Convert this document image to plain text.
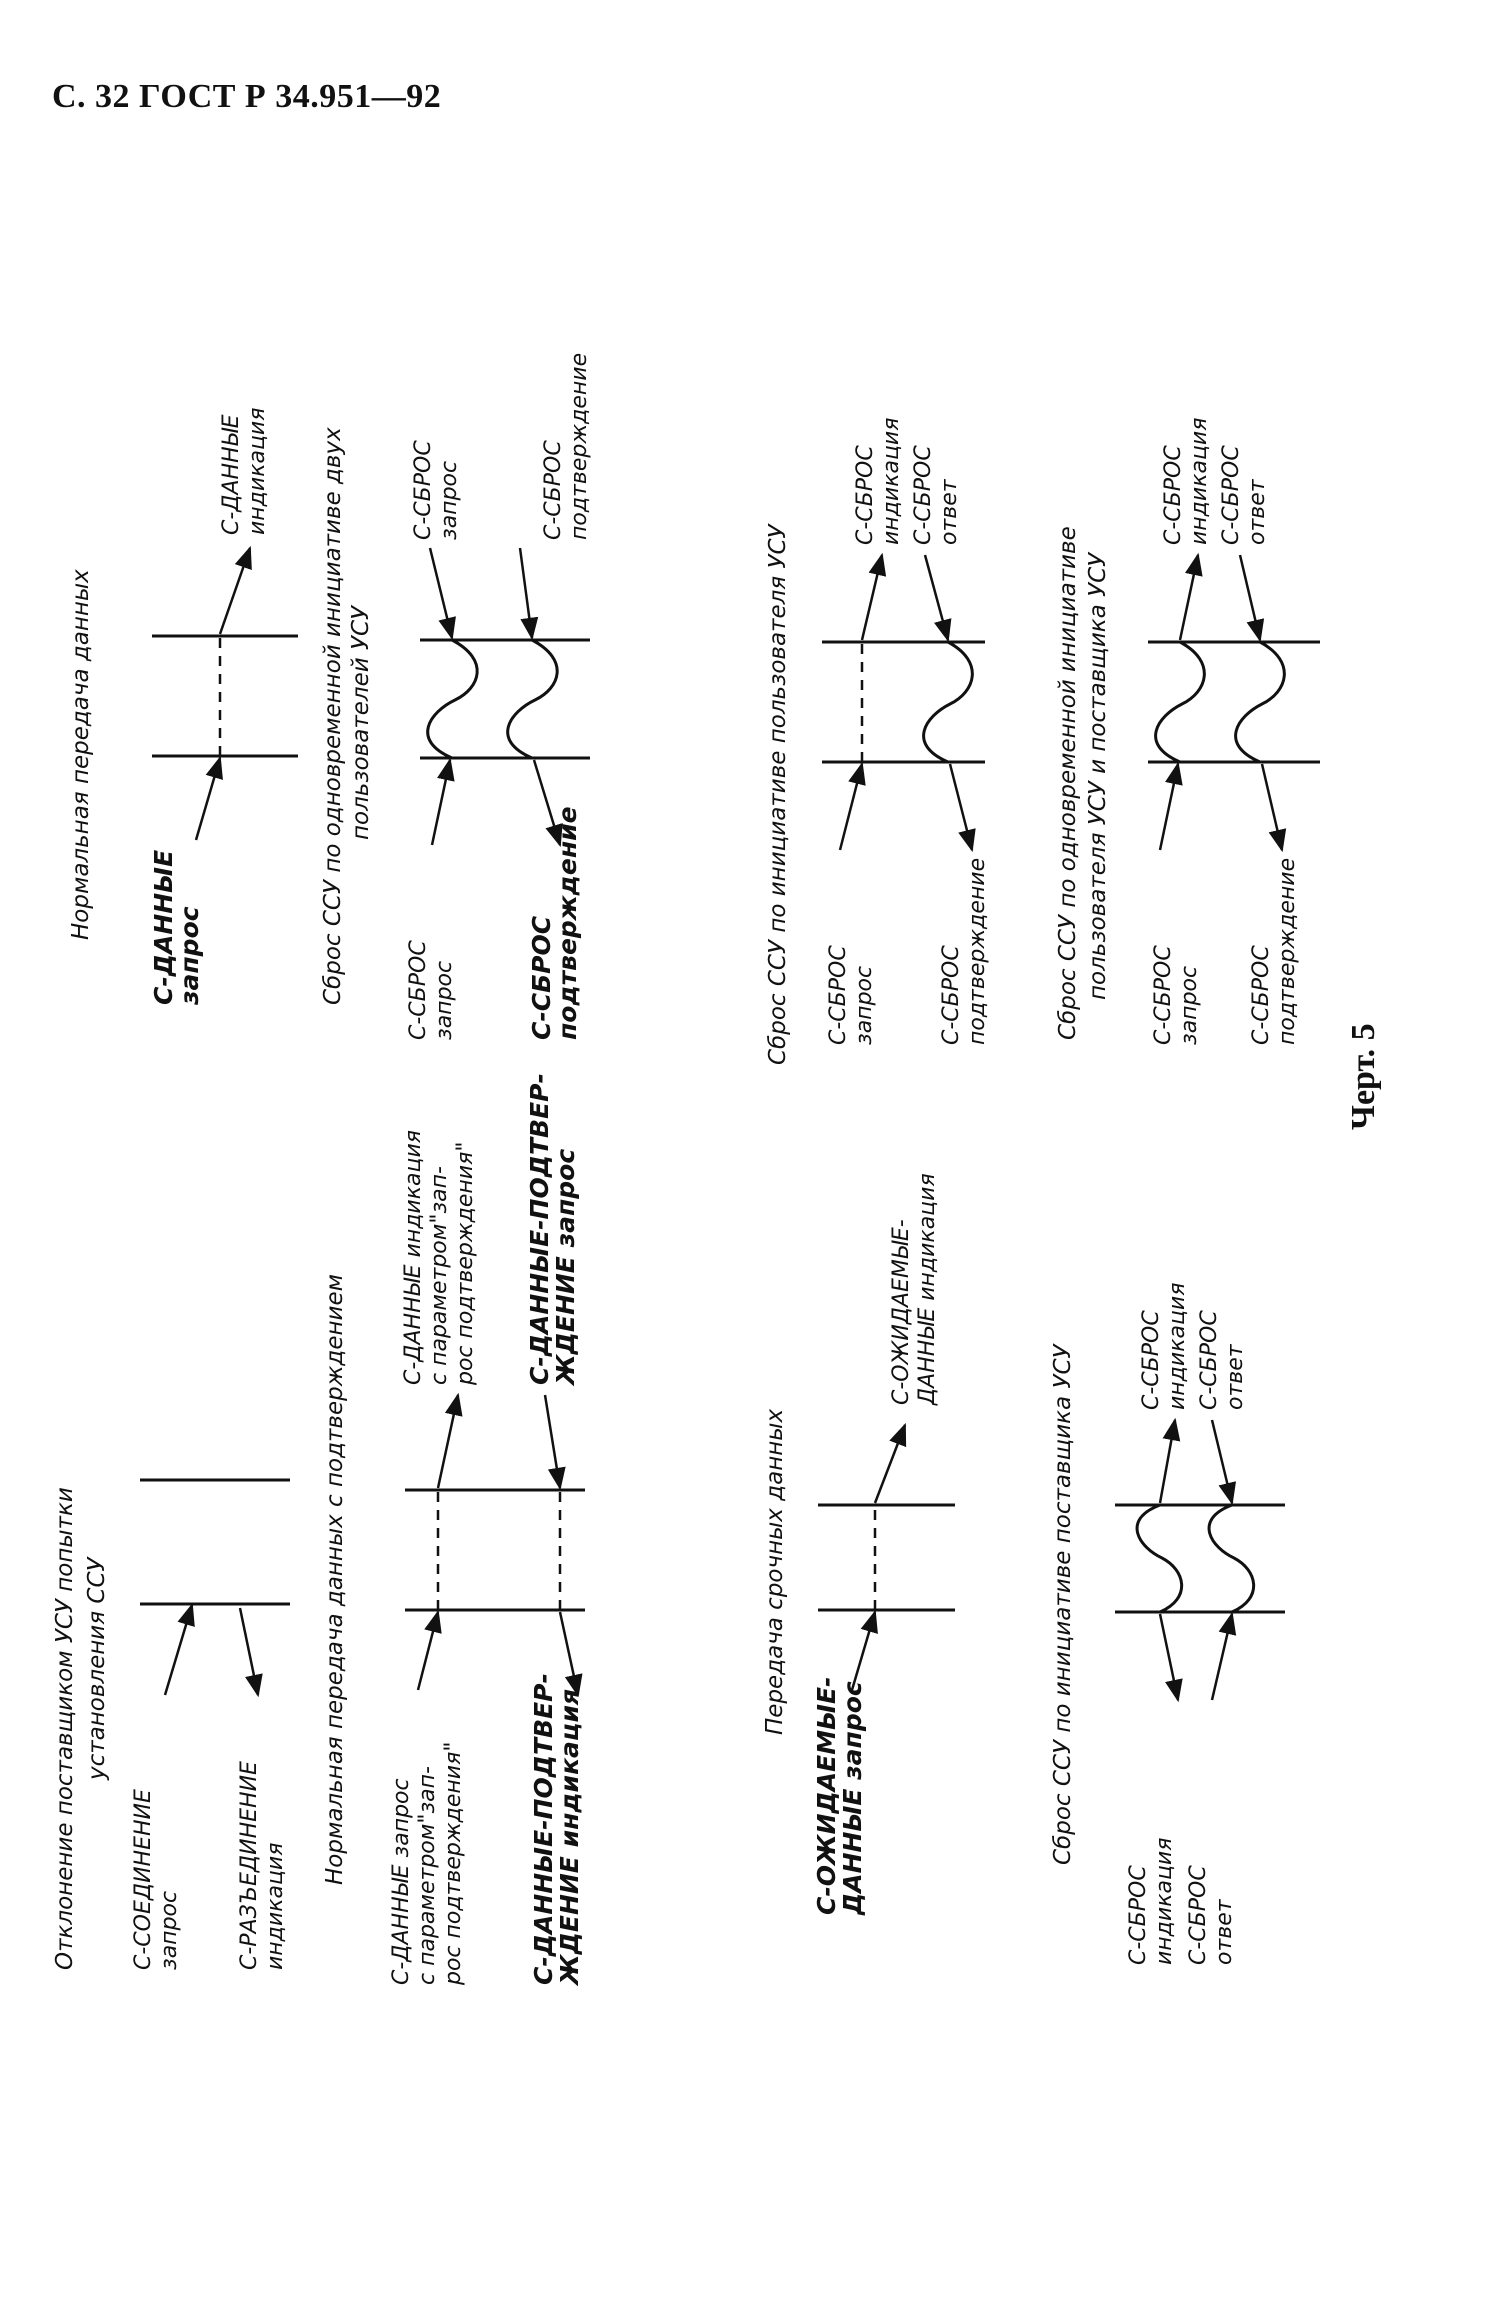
С. 32 ГОСТ Р 34.951—92
Черт. 5
Отклонение поставщиком УСУ попытки установления ССУ
С-СОЕДИНЕНИЕ запрос	С-РАЗЪЕДИНЕНИЕ индикация
Нормальная передача данных С-ДАННЫЕ
запрос
С-ДАННЫЕ индикация
Нормальная передача данных с подтверждением С-ДАННЫЕ запрос с параметром"зап- рос подтверждения"	С-ДАННЫЕ-ПОДТВЕР-
ЖДЕНИЕ индикация
С-ДАННЫЕ индикация с параметром"зап- рос подтверждения" С-ДАННЫЕ-ПОДТВЕР-
ЖДЕНИЕ запрос
Сброс ССУ по одновременной инициативе двух пользователей УСУ
С-СБРОС запрос	С-СБРОС
подтверждение
С-СБРОС запрос	С-СБРОС подтверждение
Передача срочных данных
С-ОЖИДАЕМЫЕ-
ДАННЫЕ запрос
С-ОЖИДАЕМЫЕ- ДАННЫЕ индикация
Сброс ССУ по инициативе пользователя УСУ С-СБРОС запрос	С-СБРОС подтверждение
С-СБРОС индикация С-СБРОС ответ
Сброс ССУ по инициативе поставщика УСУ
С-СБРОС индикация С-СБРОС ответ
С-СБРОС индикация С-СБРОС ответ
Сброс ССУ по одновременной инициативе пользователя УСУ и поставщика УСУ С-СБРОС запрос С-СБРОС подтверждение
С-СБРОС индикация С-СБРОС ответ
